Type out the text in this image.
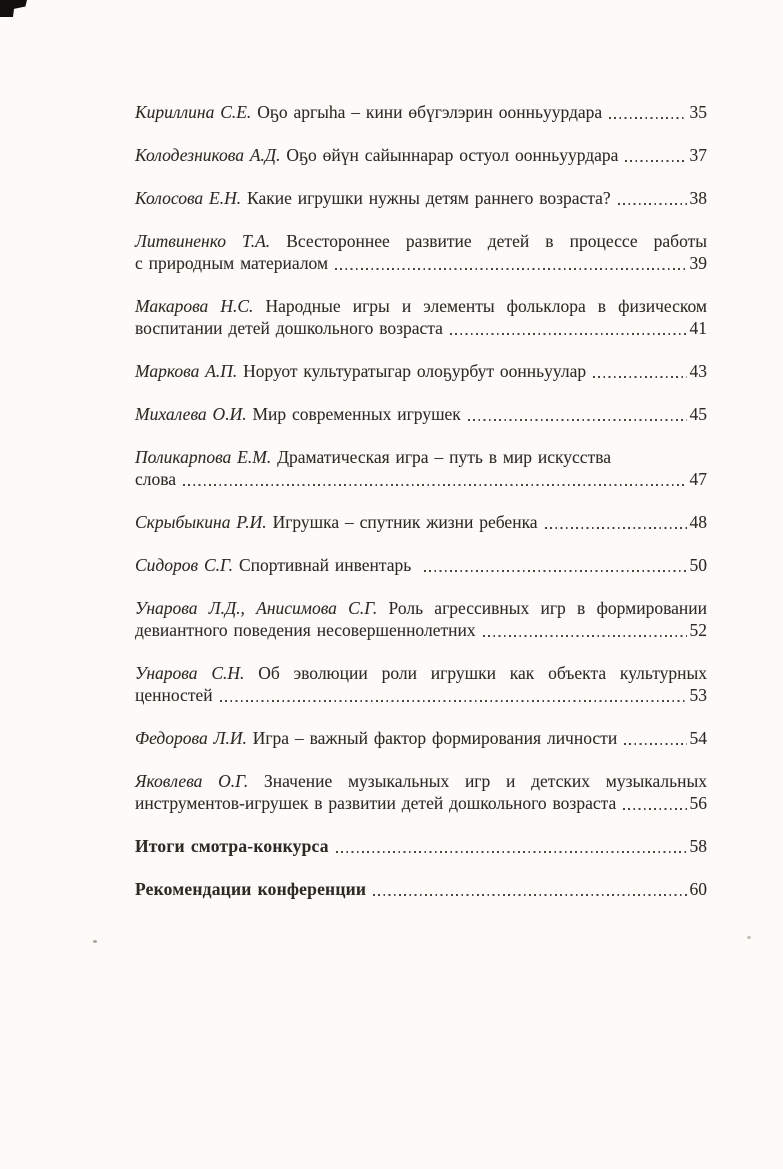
Кириллина С.Е. Оҕо аргыһа – кини өбүгэлэрин оонньуурдара	35

Колодезникова А.Д. Оҕо өйүн сайыннарар остуол оонньуурдара	37

Колосова Е.Н. Какие игрушки нужны детям раннего возраста?	38

Литвиненко Т.А. Всестороннее развитие детей в процессе работы
с природным материалом	39

Макарова Н.С. Народные игры и элементы фольклора в физическом
воспитании детей дошкольного возраста	41

Маркова А.П. Норуот культуратыгар олоҕурбут оонньуулар	43

Михалева О.И. Мир современных игрушек	45

Поликарпова Е.М. Драматическая игра – путь в мир искусства
слова	47

Скрыбыкина Р.И. Игрушка – спутник жизни ребенка	48

Сидоров С.Г. Спортивнай инвентарь	50

Унарова Л.Д., Анисимова С.Г. Роль агрессивных игр в формировании
девиантного поведения несовершеннолетних	52

Унарова С.Н. Об эволюции роли игрушки как объекта культурных
ценностей	53

Федорова Л.И. Игра – важный фактор формирования личности	54

Яковлева О.Г. Значение музыкальных игр и детских музыкальных
инструментов-игрушек в развитии детей дошкольного возраста	56

Итоги смотра-конкурса	58

Рекомендации конференции	60
